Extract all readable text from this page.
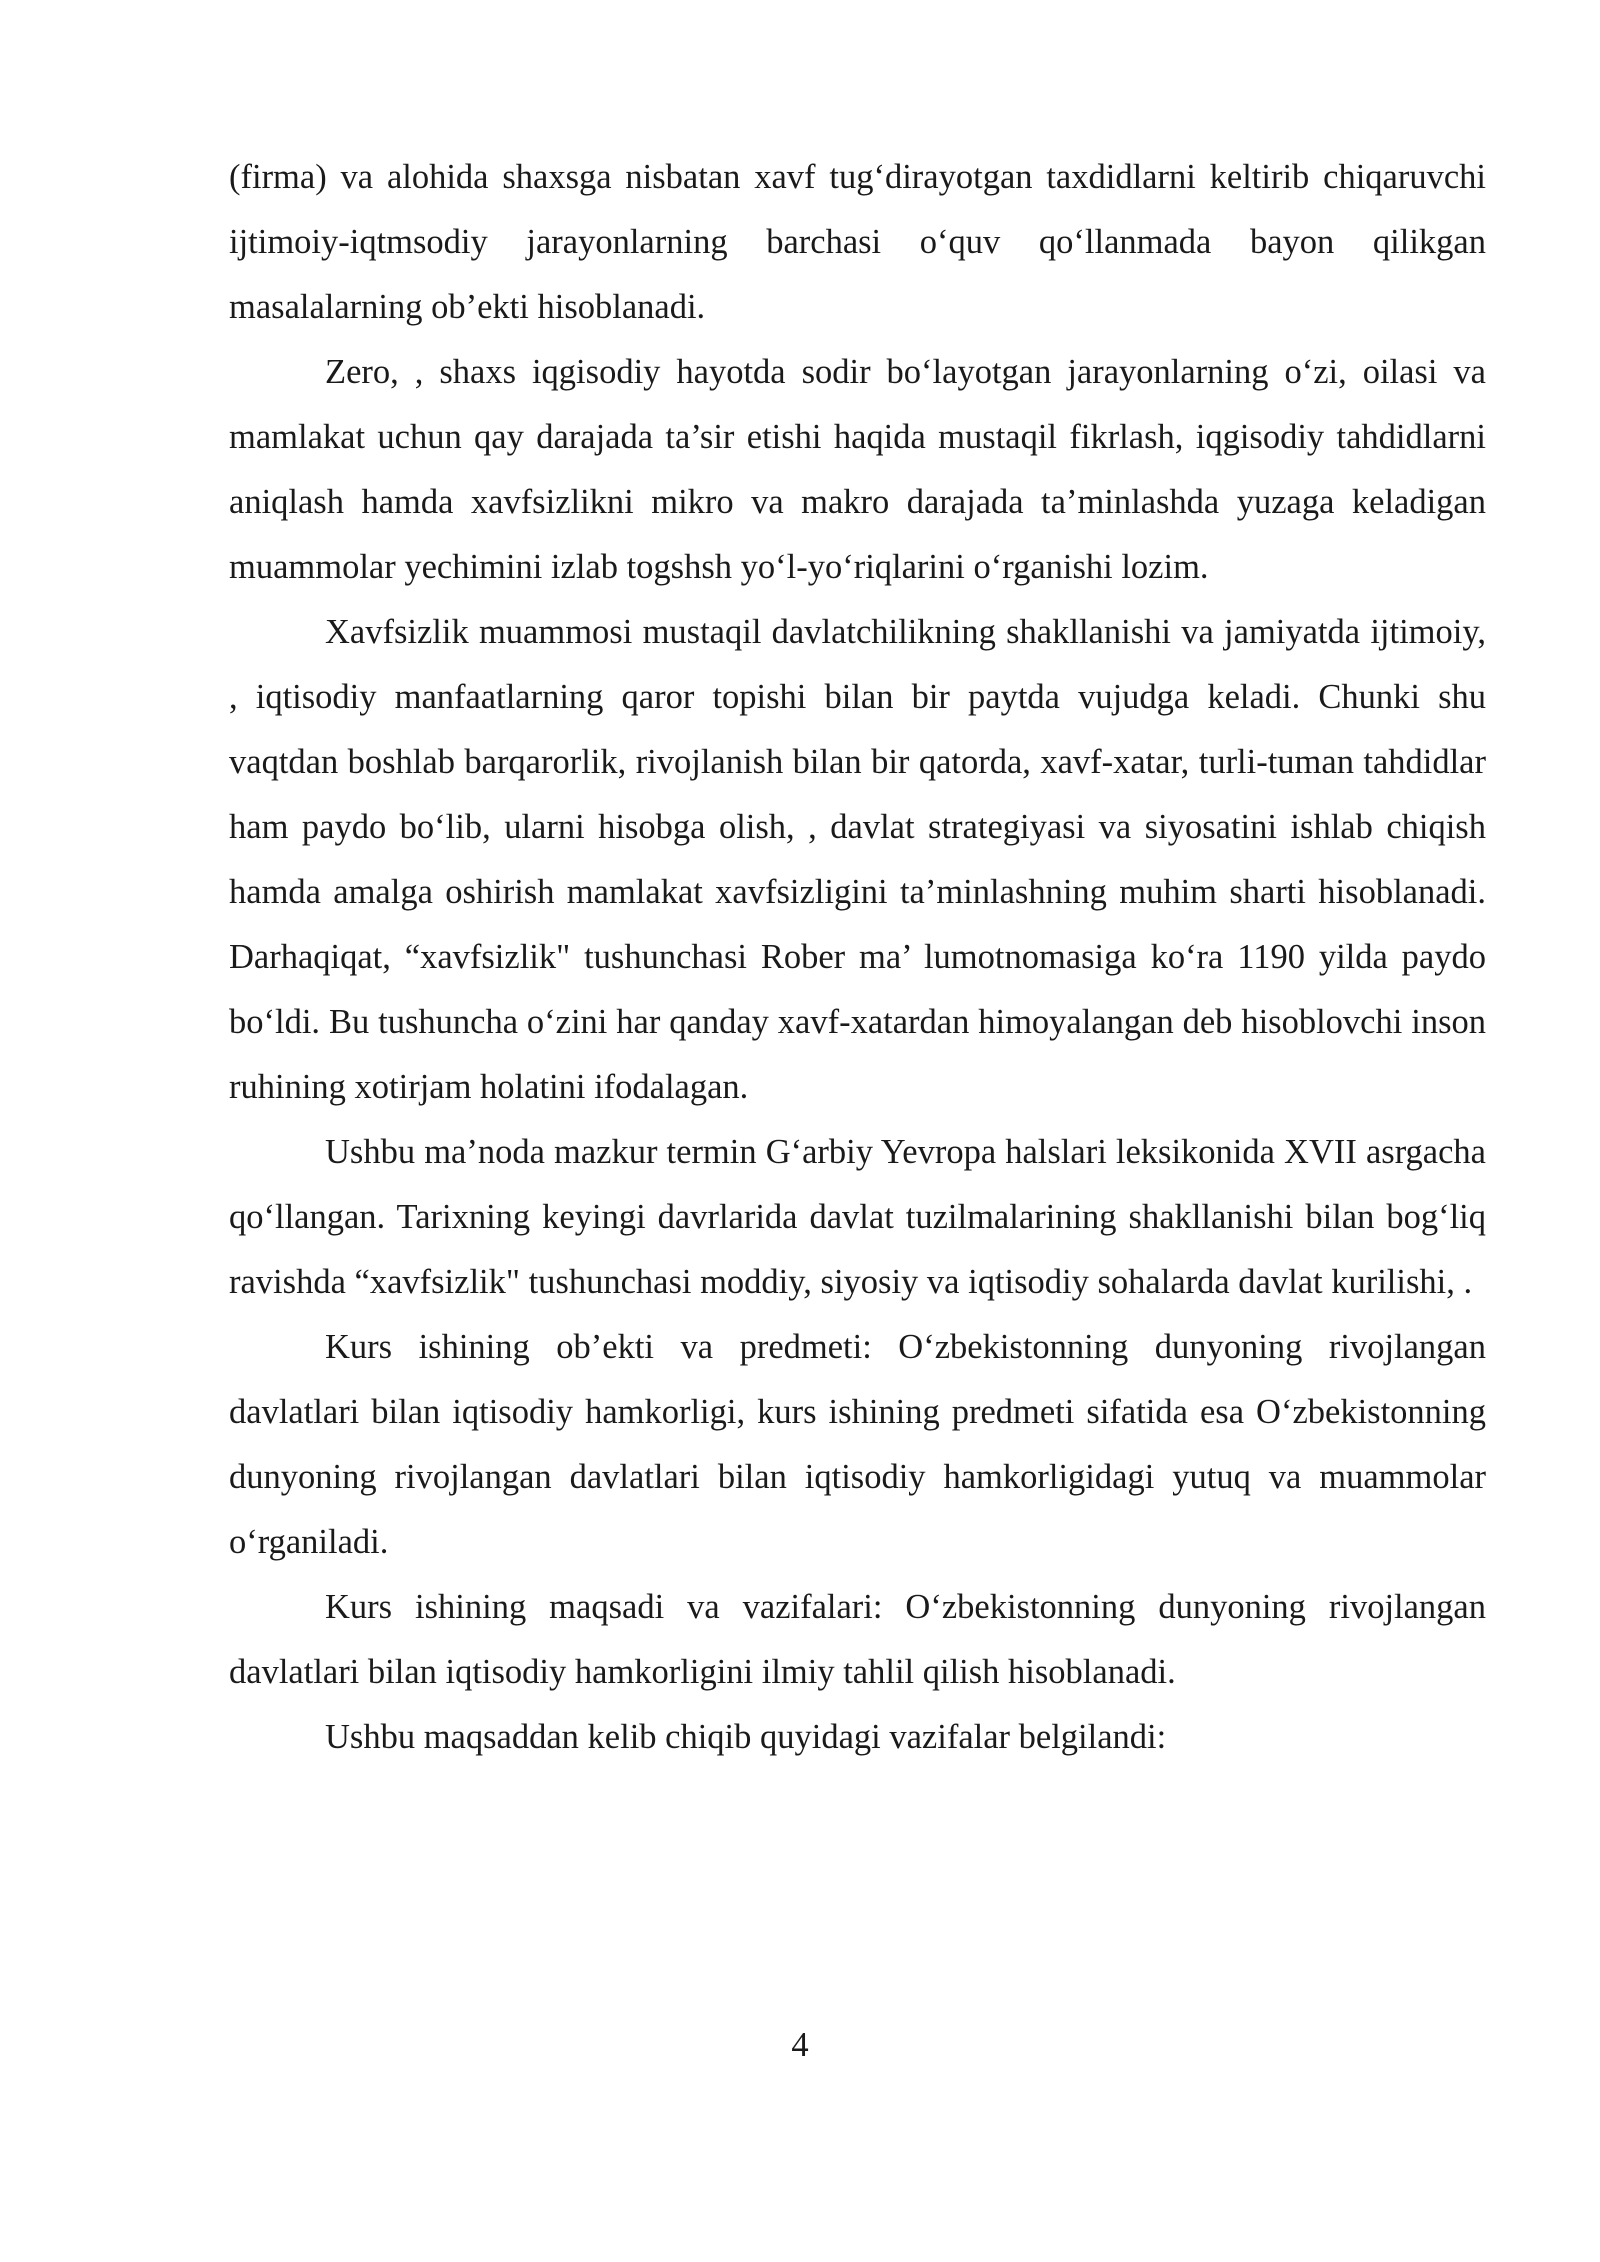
(firma) va alohida shaxsga nisbatan xavf tug‘dirayotgan taxdidlarni keltirib chiqaruvchi ijtimoiy-iqtmsodiy jarayonlarning barchasi o‘quv qo‘llanmada bayon qilikgan masalalarning ob’ekti hisoblanadi.

Zero, , shaxs iqgisodiy hayotda sodir bo‘layotgan jarayonlarning o‘zi, oilasi va mamlakat uchun qay darajada ta’sir etishi haqida mustaqil fikrlash, iqgisodiy tahdidlarni aniqlash hamda xavfsizlikni mikro va makro darajada ta’minlashda yuzaga keladigan muammolar yechimini izlab togshsh yo‘l-yo‘riqlarini o‘rganishi lozim.

Xavfsizlik muammosi mustaqil davlatchilikning shakllanishi va jamiyatda ijtimoiy, , iqtisodiy manfaatlarning qaror topishi bilan bir paytda vujudga keladi. Chunki shu vaqtdan boshlab barqarorlik, rivojlanish bilan bir qatorda, xavf-xatar, turli-tuman tahdidlar ham paydo bo‘lib, ularni hisobga olish, , davlat strategiyasi va siyosatini ishlab chiqish hamda amalga oshirish mamlakat xavfsizligini ta’minlashning muhim sharti hisoblanadi. Darhaqiqat, “xavfsizlik" tushunchasi Rober ma’ lumotnomasiga ko‘ra 1190 yilda paydo bo‘ldi. Bu tushuncha o‘zini har qanday xavf-xatardan himoyalangan deb hisoblovchi inson ruhining xotirjam holatini ifodalagan.

Ushbu ma’noda mazkur termin G‘arbiy Yevropa halslari leksikonida XVII asrgacha qo‘llangan. Tarixning keyingi davrlarida davlat tuzilmalarining shakllanishi bilan bog‘liq ravishda “xavfsizlik" tushunchasi moddiy, siyosiy va iqtisodiy sohalarda davlat kurilishi, .

Kurs ishining ob’ekti va predmeti: O‘zbekistonning dunyoning rivojlangan davlatlari bilan iqtisodiy hamkorligi, kurs ishining predmeti sifatida esa O‘zbekistonning dunyoning rivojlangan davlatlari bilan iqtisodiy hamkorligidagi yutuq va muammolar o‘rganiladi.

Kurs ishining maqsadi va vazifalari: O‘zbekistonning dunyoning rivojlangan davlatlari bilan iqtisodiy hamkorligini ilmiy tahlil qilish hisoblanadi.

Ushbu maqsaddan kelib chiqib quyidagi vazifalar belgilandi:

4
